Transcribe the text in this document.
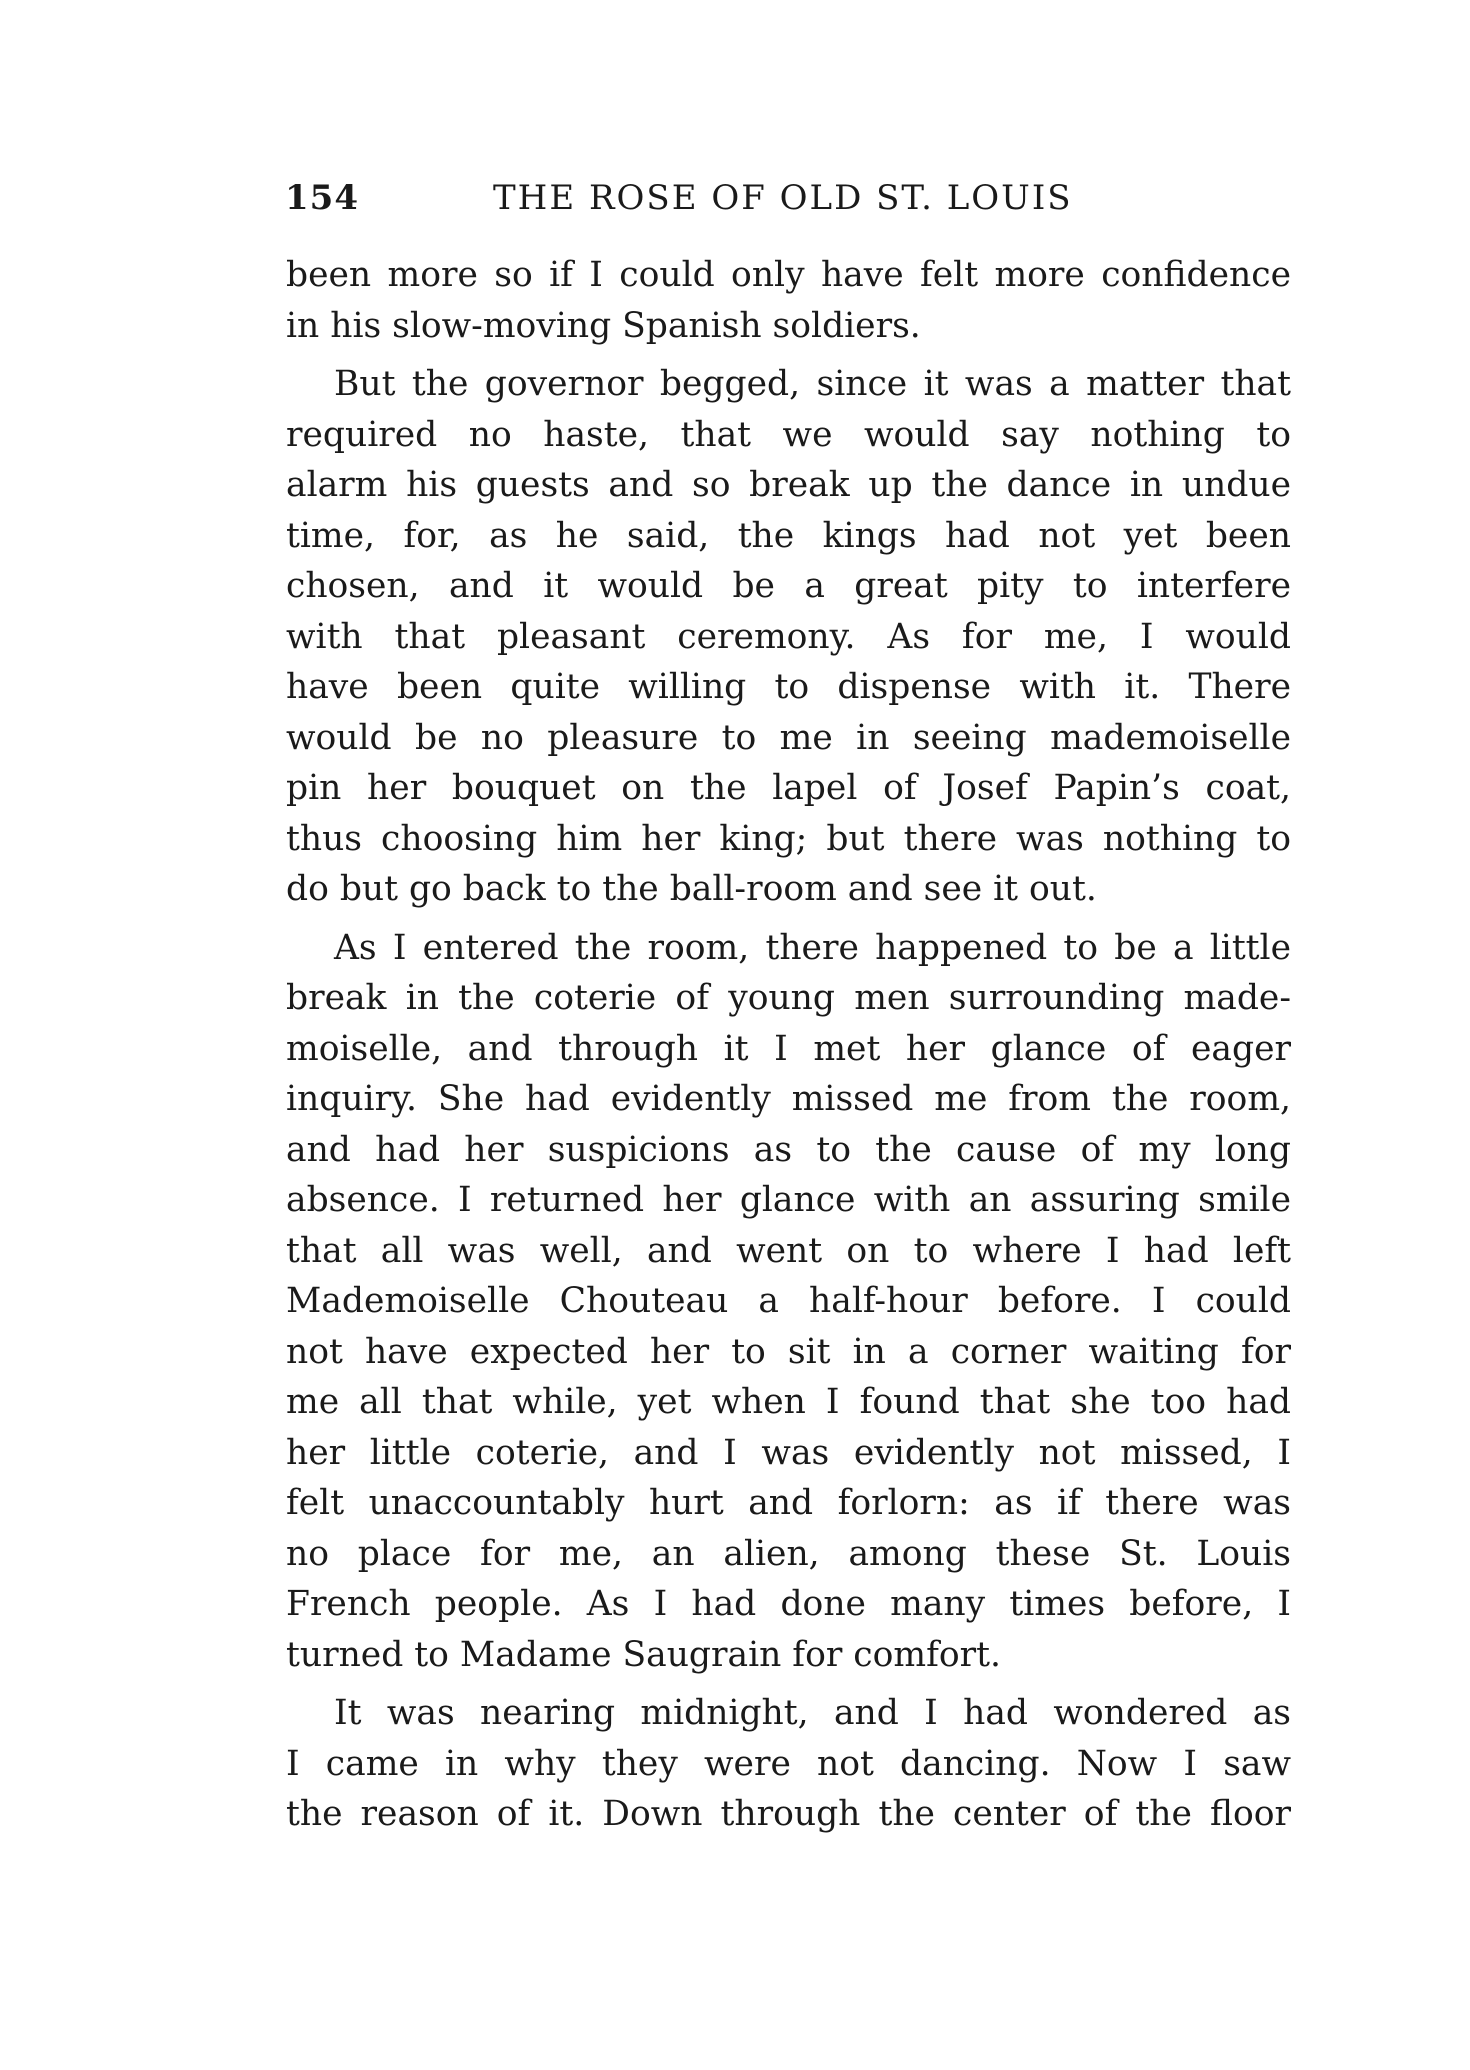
154	THE ROSE OF OLD ST. LOUIS
been more so if I could only have felt more confidence
in his slow-moving Spanish soldiers.
But the governor begged, since it was a matter that
required no haste, that we would say nothing to
alarm his guests and so break up the dance in undue
time, for, as he said, the kings had not yet been
chosen, and it would be a great pity to interfere
with that pleasant ceremony. As for me, I would
have been quite willing to dispense with it. There
would be no pleasure to me in seeing mademoiselle
pin her bouquet on the lapel of Josef Papin’s coat,
thus choosing him her king; but there was nothing to
do but go back to the ball-room and see it out.
As I entered the room, there happened to be a little
break in the coterie of young men surrounding made-
moiselle, and through it I met her glance of eager
inquiry. She had evidently missed me from the room,
and had her suspicions as to the cause of my long
absence. I returned her glance with an assuring smile
that all was well, and went on to where I had left
Mademoiselle Chouteau a half-hour before. I could
not have expected her to sit in a corner waiting for
me all that while, yet when I found that she too had
her little coterie, and I was evidently not missed, I
felt unaccountably hurt and forlorn: as if there was
no place for me, an alien, among these St. Louis
French people. As I had done many times before, I
turned to Madame Saugrain for comfort.
It was nearing midnight, and I had wondered as
I came in why they were not dancing. Now I saw
the reason of it. Down through the center of the floor
